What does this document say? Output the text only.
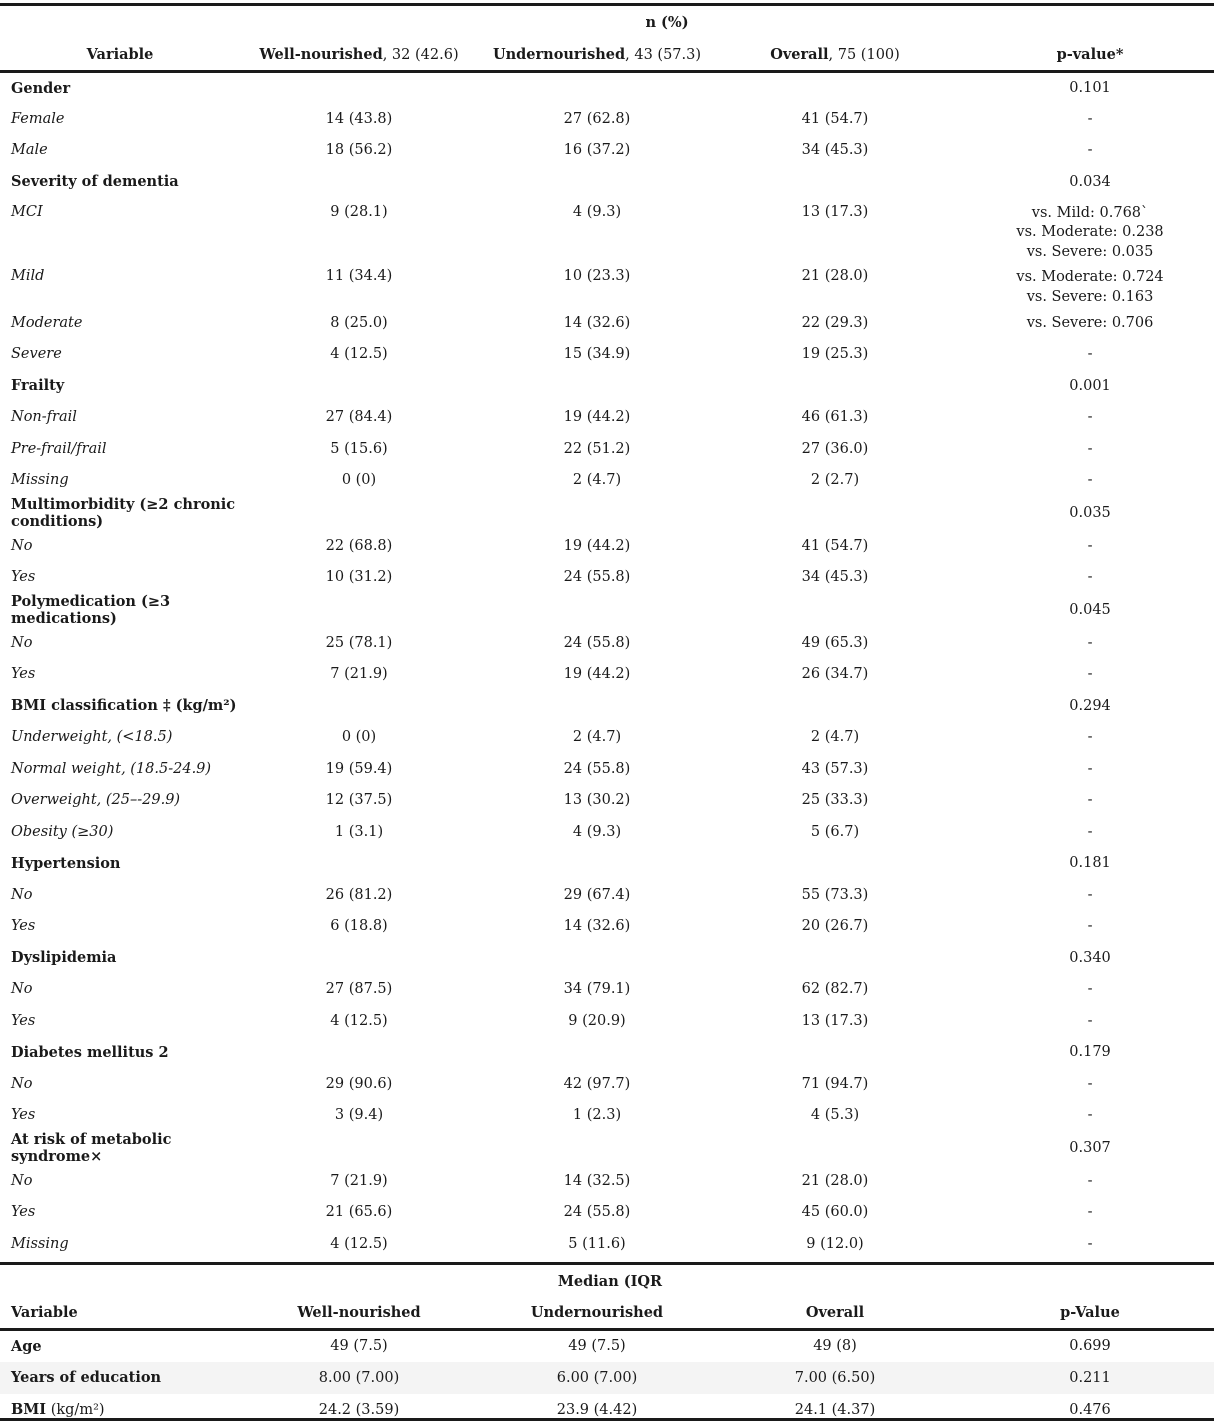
n (%)				
Variable	Well-nourished, 32 (42.6)	Undernourished, 43 (57.3)	Overall, 75 (100)	p-value*
Gender				0.101
Female	14 (43.8)	27 (62.8)	41 (54.7)	-
Male	18 (56.2)	16 (37.2)	34 (45.3)	-
Severity of dementia				0.034
MCI	9 (28.1)	4 (9.3)	13 (17.3)	vs. Mild: 0.768`
vs. Moderate: 0.238
vs. Severe: 0.035

Mild	11 (34.4)	10 (23.3)	21 (28.0)	vs. Moderate: 0.724
vs. Severe: 0.163

Moderate	8 (25.0)	14 (32.6)	22 (29.3)	vs. Severe: 0.706
Severe	4 (12.5)	15 (34.9)	19 (25.3)	-
Frailty				0.001
Non-frail	27 (84.4)	19 (44.2)	46 (61.3)	-
Pre-frail/frail	5 (15.6)	22 (51.2)	27 (36.0)	-
Missing	0 (0)	2 (4.7)	2 (2.7)	-
Multimorbidity (≥2 chronic conditions)				0.035
No	22 (68.8)	19 (44.2)	41 (54.7)	-
Yes	10 (31.2)	24 (55.8)	34 (45.3)	-
Polymedication (≥3 medications)				0.045
No	25 (78.1)	24 (55.8)	49 (65.3)	-
Yes	7 (21.9)	19 (44.2)	26 (34.7)	-
BMI classification ‡ (kg/m²)				0.294
Underweight, (<18.5)	0 (0)	2 (4.7)	2 (4.7)	-
Normal weight, (18.5-24.9)	19 (59.4)	24 (55.8)	43 (57.3)	-
Overweight, (25–-29.9)	12 (37.5)	13 (30.2)	25 (33.3)	-
Obesity (≥30)	1 (3.1)	4 (9.3)	5 (6.7)	-
Hypertension				0.181
No	26 (81.2)	29 (67.4)	55 (73.3)	-
Yes	6 (18.8)	14 (32.6)	20 (26.7)	-
Dyslipidemia				0.340
No	27 (87.5)	34 (79.1)	62 (82.7)	-
Yes	4 (12.5)	9 (20.9)	13 (17.3)	-
Diabetes mellitus 2				0.179
No	29 (90.6)	42 (97.7)	71 (94.7)	-
Yes	3 (9.4)	1 (2.3)	4 (5.3)	-
At risk of metabolic syndrome×				0.307
No	7 (21.9)	14 (32.5)	21 (28.0)	-
Yes	21 (65.6)	24 (55.8)	45 (60.0)	-
Missing	4 (12.5)	5 (11.6)	9 (12.0)	-
Median (IQR				
Variable	Well-nourished	Undernourished	Overall	p-Value
Age	49 (7.5)	49 (7.5)	49 (8)	0.699
Years of education	8.00 (7.00)	6.00 (7.00)	7.00 (6.50)	0.211
BMI (kg/m²)	24.2 (3.59)	23.9 (4.42)	24.1 (4.37)	0.476
